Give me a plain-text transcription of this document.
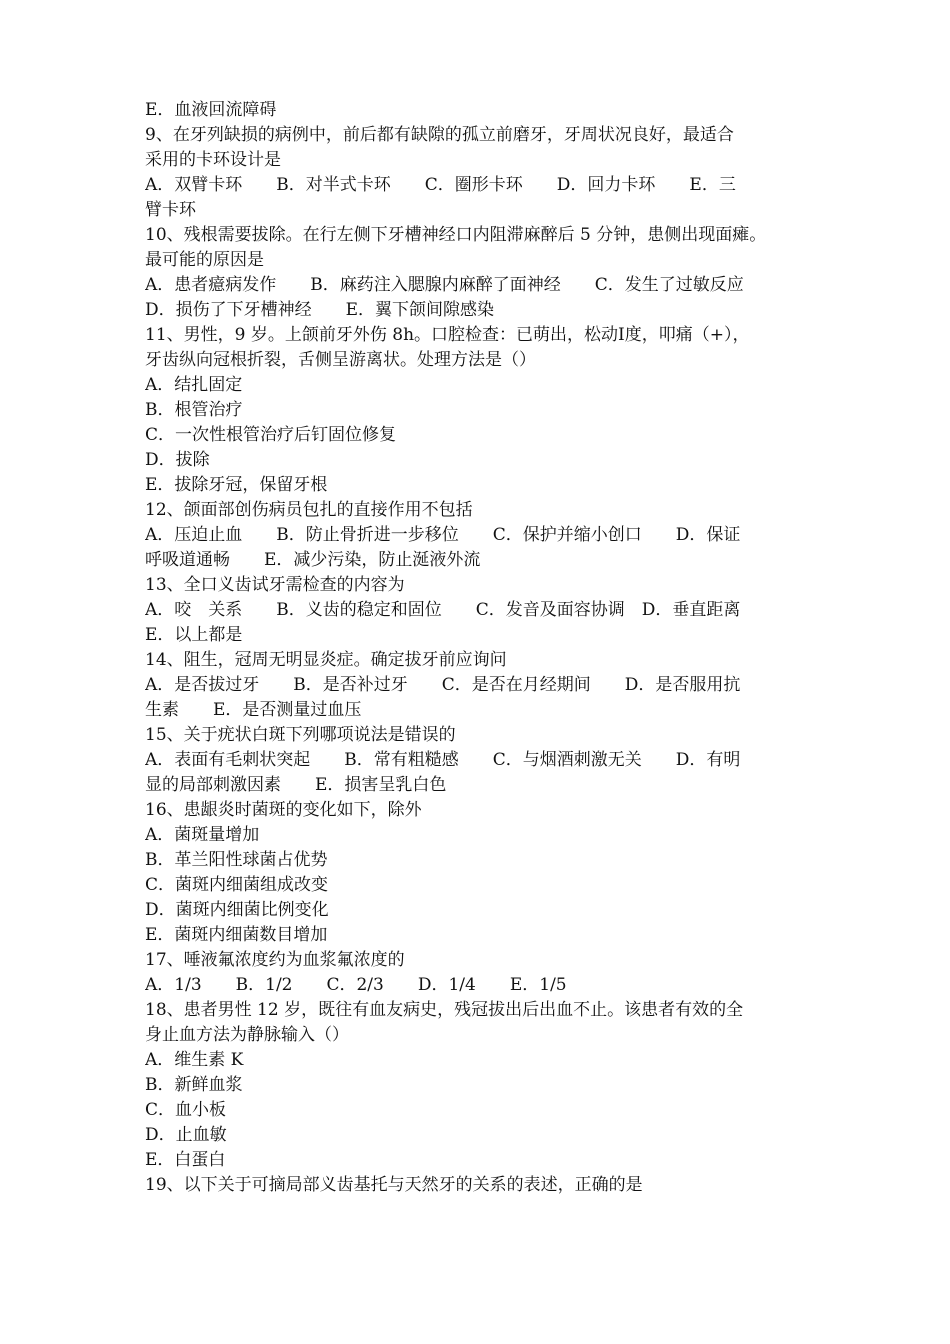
E．血液回流障碍
9、在牙列缺损的病例中，前后都有缺隙的孤立前磨牙，牙周状况良好，最适合
采用的卡环设计是
A．双臂卡环　　B．对半式卡环　　C．圈形卡环　　D．回力卡环　　E．三
臂卡环
10、残根需要拔除。在行左侧下牙槽神经口内阻滞麻醉后 5 分钟，患侧出现面瘫。
最可能的原因是
A．患者癔病发作　　B．麻药注入腮腺内麻醉了面神经　　C．发生了过敏反应
D．损伤了下牙槽神经　　E．翼下颌间隙感染
11、男性，9 岁。上颌前牙外伤 8h。口腔检查：已萌出，松动Ⅰ度，叩痛（+），
牙齿纵向冠根折裂，舌侧呈游离状。处理方法是（）
A．结扎固定
B．根管治疗
C．一次性根管治疗后钉固位修复
D．拔除
E．拔除牙冠，保留牙根
12、颌面部创伤病员包扎的直接作用不包括
A．压迫止血　　B．防止骨折进一步移位　　C．保护并缩小创口　　D．保证
呼吸道通畅　　E．减少污染，防止涎液外流
13、全口义齿试牙需检查的内容为
A．咬　关系　　B．义齿的稳定和固位　　C．发音及面容协调　D．垂直距离
E．以上都是
14、阻生，冠周无明显炎症。确定拔牙前应询问
A．是否拔过牙　　B．是否补过牙　　C．是否在月经期间　　D．是否服用抗
生素　　E．是否测量过血压
15、关于疣状白斑下列哪项说法是错误的
A．表面有毛刺状突起　　B．常有粗糙感　　C．与烟酒刺激无关　　D．有明
显的局部刺激因素　　E．损害呈乳白色
16、患龈炎时菌斑的变化如下，除外
A．菌斑量增加
B．革兰阳性球菌占优势
C．菌斑内细菌组成改变
D．菌斑内细菌比例变化
E．菌斑内细菌数目增加
17、唾液氟浓度约为血浆氟浓度的
A．1/3　　B．1/2　　C．2/3　　D．1/4　　E．1/5
18、患者男性 12 岁，既往有血友病史，残冠拔出后出血不止。该患者有效的全
身止血方法为静脉输入（）
A．维生素 K
B．新鲜血浆
C．血小板
D．止血敏
E．白蛋白
19、以下关于可摘局部义齿基托与天然牙的关系的表述，正确的是
